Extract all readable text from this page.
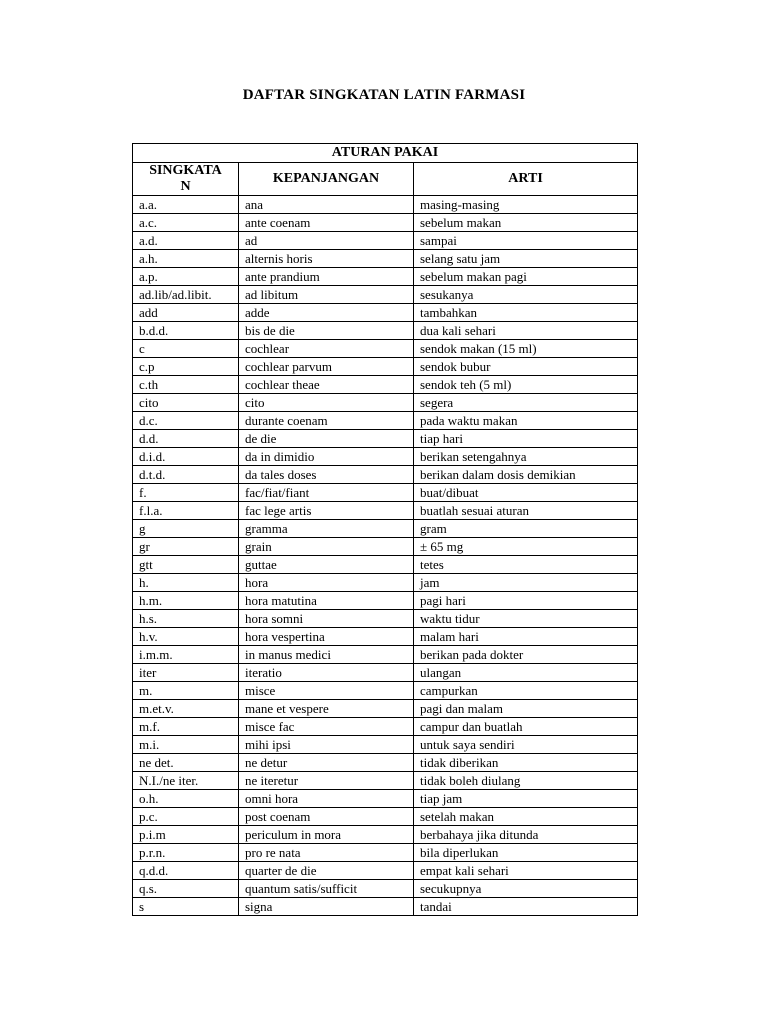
DAFTAR SINGKATAN LATIN FARMASI
ATURAN PAKAI		
SINGKATA
N	KEPANJANGAN	ARTI
a.a.	ana	masing-masing
a.c.	ante coenam	sebelum makan
a.d.	ad	sampai
a.h.	alternis horis	selang satu jam
a.p.	ante prandium	sebelum makan pagi
ad.lib/ad.libit.	ad libitum	sesukanya
add	adde	tambahkan
b.d.d.	bis de die	dua kali sehari
c	cochlear	sendok makan (15 ml)
c.p	cochlear parvum	sendok bubur
c.th	cochlear theae	sendok teh (5 ml)
cito	cito	segera
d.c.	durante coenam	pada waktu makan
d.d.	de die	tiap hari
d.i.d.	da in dimidio	berikan setengahnya
d.t.d.	da tales doses	berikan dalam dosis demikian
f.	fac/fiat/fiant	buat/dibuat
f.l.a.	fac lege artis	buatlah sesuai aturan
g	gramma	gram
gr	grain	± 65 mg
gtt	guttae	tetes
h.	hora	jam
h.m.	hora matutina	pagi hari
h.s.	hora somni	waktu tidur
h.v.	hora vespertina	malam hari
i.m.m.	in manus medici	berikan pada dokter
iter	iteratio	ulangan
m.	misce	campurkan
m.et.v.	mane et vespere	pagi dan malam
m.f.	misce fac	campur dan buatlah
m.i.	mihi ipsi	untuk saya sendiri
ne det.	ne detur	tidak diberikan
N.I./ne iter.	ne iteretur	tidak boleh diulang
o.h.	omni hora	tiap jam
p.c.	post coenam	setelah makan
p.i.m	periculum in mora	berbahaya jika ditunda
p.r.n.	pro re nata	bila diperlukan
q.d.d.	quarter de die	empat kali sehari
q.s.	quantum satis/sufficit	secukupnya
s	signa	tandai
